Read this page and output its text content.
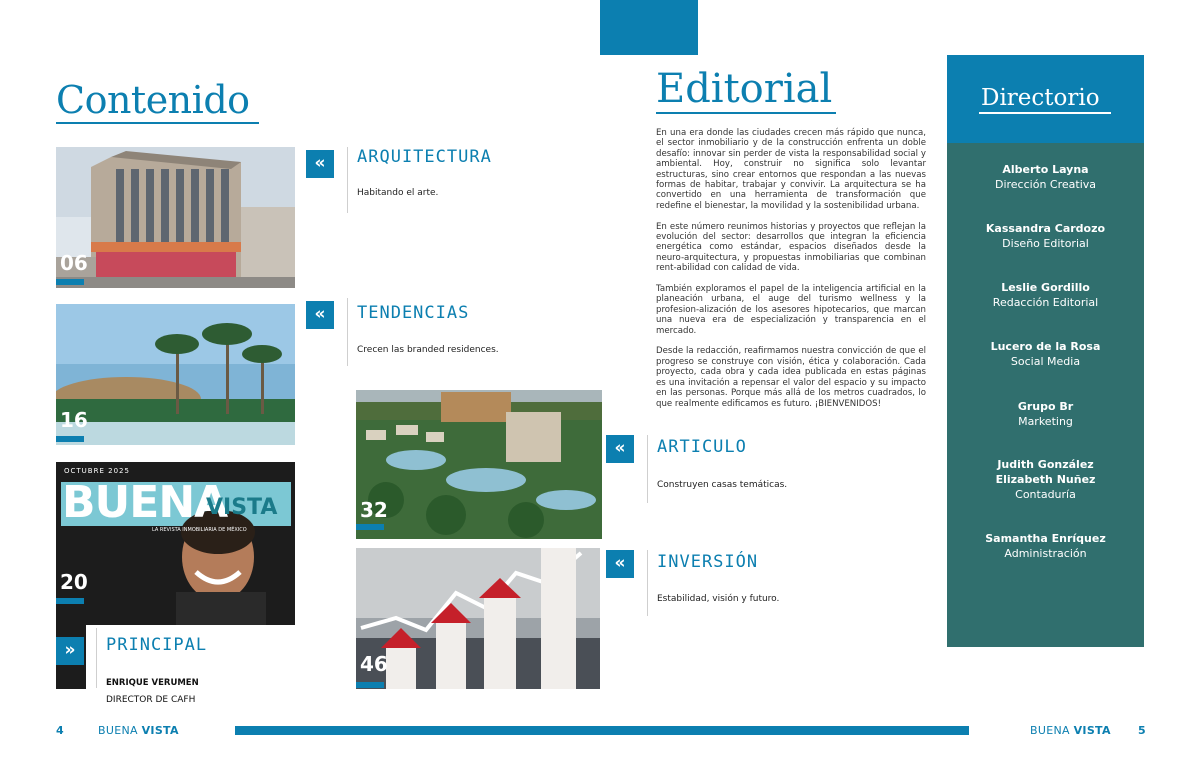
Contenido
06
«	ARQUITECTURA
Habitando el arte.
16
«	TENDENCIAS
Crecen las branded residences.
OCTUBRE 2025
BUENA
VISTA
LA REVISTA INMOBILIARIA DE MÉXICO
20
»	PRINCIPAL
ENRIQUE VERUMEN
DIRECTOR DE CAFH
32
«	ARTICULO
Construyen casas temáticas.
46
«	INVERSIÓN
Estabilidad, visión y futuro.
Editorial

En una era donde las ciudades crecen más rápido que nunca, el sector inmobiliario y de la construcción enfrenta un doble desafío: innovar sin perder de vista la responsabilidad social y ambiental. Hoy, construir no significa solo levantar estructuras, sino crear entornos que respondan a las nuevas formas de habitar, trabajar y convivir. La arquitectura se ha convertido en una herramienta de transformación que redefine el bienestar, la movilidad y la sostenibilidad urbana.

En este número reunimos historias y proyectos que reflejan la evolución del sector: desarrollos que integran la eficiencia energética como estándar, espacios diseñados desde la neuro-arquitectura, y propuestas inmobiliarias que combinan rent-abilidad con calidad de vida.

También exploramos el papel de la inteligencia artificial en la planeación urbana, el auge del turismo wellness y la profesion-alización de los asesores hipotecarios, que marcan una nueva era de especialización y transparencia en el mercado.

Desde la redacción, reafirmamos nuestra convicción de que el progreso se construye con visión, ética y colaboración. Cada proyecto, cada obra y cada idea publicada en estas páginas es una invitación a repensar el valor del espacio y su impacto en las personas. Porque más allá de los metros cuadrados, lo que realmente edificamos es futuro. ¡BIENVENIDOS!

Directorio
Alberto Layna
Dirección Creativa
Kassandra Cardozo
Diseño Editorial
Leslie Gordillo
Redacción Editorial
Lucero de la Rosa
Social Media
Grupo Br
Marketing
Judith González
Elizabeth Nuñez
Contaduría
Samantha Enríquez
Administración
4	BUENA VISTA	BUENA VISTA 5
